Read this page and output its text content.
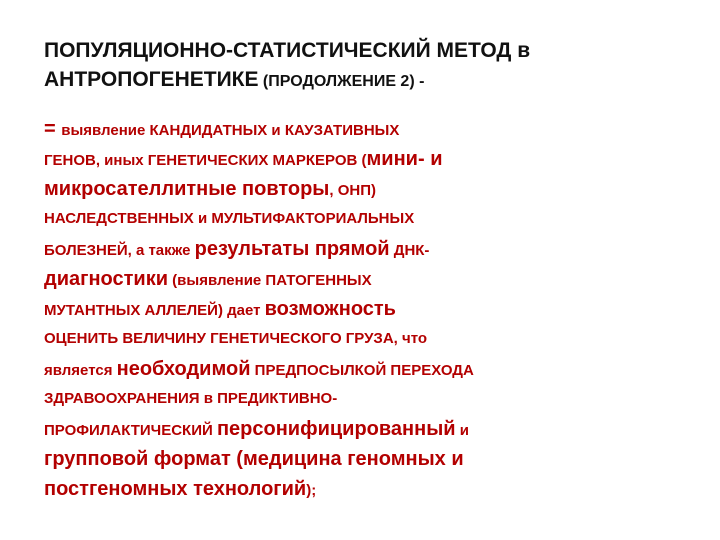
ПОПУЛЯЦИОННО-СТАТИСТИЧЕСКИЙ МЕТОД в
АНТРОПОГЕНЕТИКЕ (ПРОДОЛЖЕНИЕ 2) -
= выявление КАНДИДАТНЫХ и КАУЗАТИВНЫХ
ГЕНОВ, иных ГЕНЕТИЧЕСКИХ МАРКЕРОВ (мини- и
микросателлитные повторы, ОНП)
НАСЛЕДСТВЕННЫХ и МУЛЬТИФАКТОРИАЛЬНЫХ
БОЛЕЗНЕЙ, а также результаты прямой ДНК-
диагностики (выявление ПАТОГЕННЫХ
МУТАНТНЫХ АЛЛЕЛЕЙ) дает возможность
ОЦЕНИТЬ ВЕЛИЧИНУ ГЕНЕТИЧЕСКОГО ГРУЗА, что
является необходимой ПРЕДПОСЫЛКОЙ ПЕРЕХОДА
ЗДРАВООХРАНЕНИЯ в ПРЕДИКТИВНО-
ПРОФИЛАКТИЧЕСКИЙ персонифицированный и
групповой формат (медицина геномных и
постгеномных технологий);
